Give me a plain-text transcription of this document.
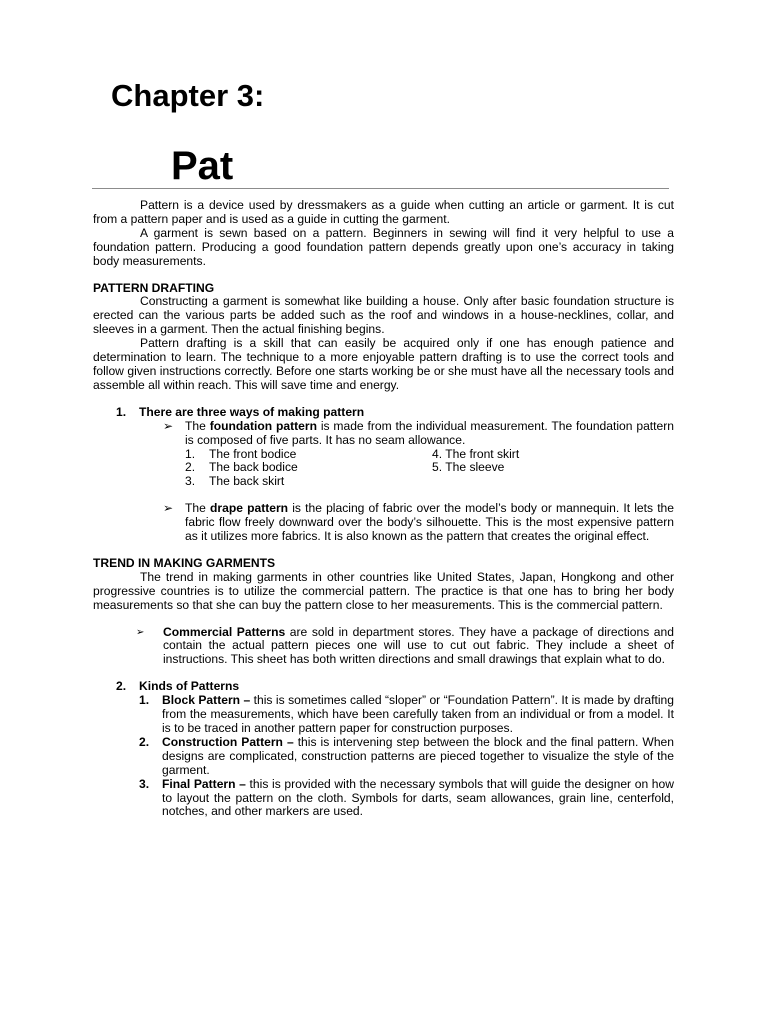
Chapter 3:
Pat

Pattern is a device used by dressmakers as a guide when cutting an article or garment. It is cut from a pattern paper and is used as a guide in cutting the garment.

A garment is sewn based on a pattern. Beginners in sewing will find it very helpful to use a foundation pattern. Producing a good foundation pattern depends greatly upon one’s accuracy in taking body measurements.

PATTERN DRAFTING

Constructing a garment is somewhat like building a house. Only after basic foundation structure is erected can the various parts be added such as the roof and windows in a house-necklines, collar, and sleeves in a garment. Then the actual finishing begins.

Pattern drafting is a skill that can easily be acquired only if one has enough patience and determination to learn. The technique to a more enjoyable pattern drafting is to use the correct tools and follow given instructions correctly. Before one starts working be or she must have all the necessary tools and assemble all within reach. This will save time and energy.

1. There are three ways of making pattern
➢ The foundation pattern is made from the individual measurement. The foundation pattern is composed of five parts. It has no seam allowance.
1. The front bodice	4. The front skirt
2. The back bodice	5. The sleeve
3. The back skirt
➢ The drape pattern is the placing of fabric over the model’s body or mannequin. It lets the fabric flow freely downward over the body’s silhouette. This is the most expensive pattern as it utilizes more fabrics. It is also known as the pattern that creates the original effect.

TREND IN MAKING GARMENTS

The trend in making garments in other countries like United States, Japan, Hongkong and other progressive countries is to utilize the commercial pattern. The practice is that one has to bring her body measurements so that she can buy the pattern close to her measurements. This is the commercial pattern.

➢ Commercial Patterns are sold in department stores. They have a package of directions and contain the actual pattern pieces one will use to cut out fabric. They include a sheet of instructions. This sheet has both written directions and small drawings that explain what to do.
2. Kinds of Patterns
1. Block Pattern – this is sometimes called “sloper” or “Foundation Pattern”. It is made by drafting from the measurements, which have been carefully taken from an individual or from a model. It is to be traced in another pattern paper for construction purposes.
2. Construction Pattern – this is intervening step between the block and the final pattern. When designs are complicated, construction patterns are pieced together to visualize the style of the garment.
3. Final Pattern – this is provided with the necessary symbols that will guide the designer on how to layout the pattern on the cloth. Symbols for darts, seam allowances, grain line, centerfold, notches, and other markers are used.
